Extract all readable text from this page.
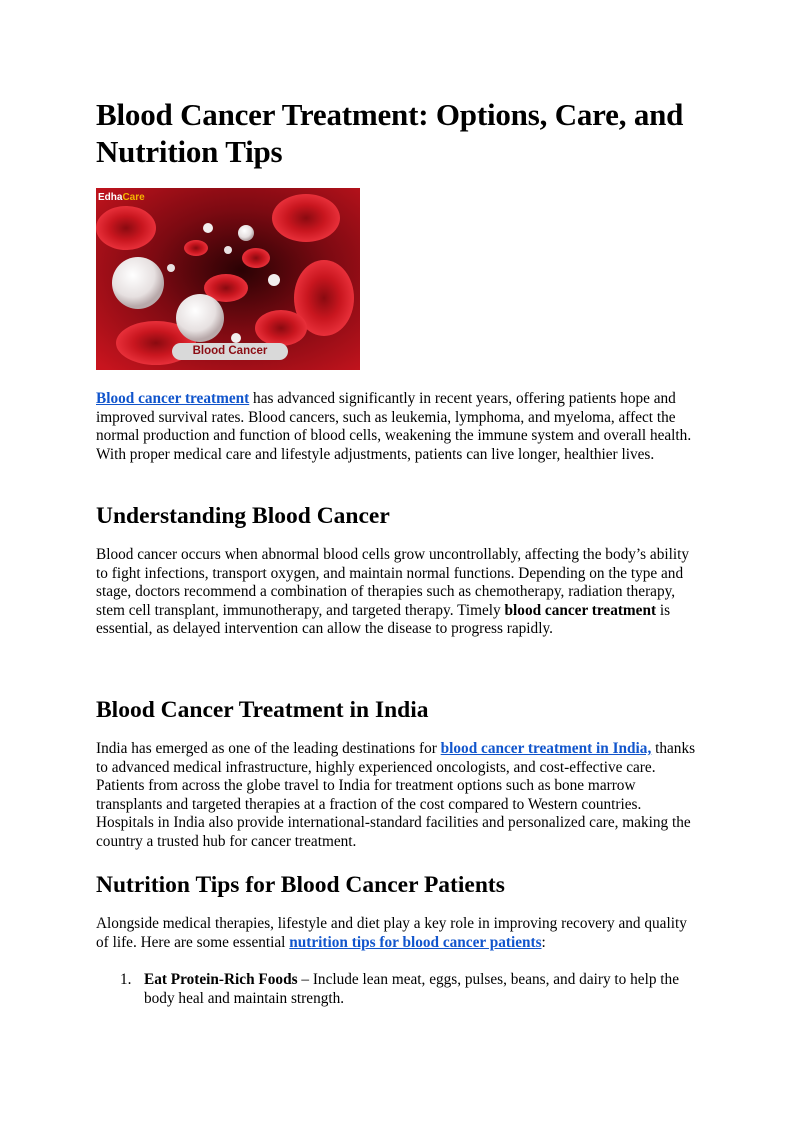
Blood Cancer Treatment: Options, Care, and Nutrition Tips
EdhaCare
Blood Cancer

Blood cancer treatment has advanced significantly in recent years, offering patients hope and improved survival rates. Blood cancers, such as leukemia, lymphoma, and myeloma, affect the normal production and function of blood cells, weakening the immune system and overall health. With proper medical care and lifestyle adjustments, patients can live longer, healthier lives.

Understanding Blood Cancer

Blood cancer occurs when abnormal blood cells grow uncontrollably, affecting the body’s ability to fight infections, transport oxygen, and maintain normal functions. Depending on the type and stage, doctors recommend a combination of therapies such as chemotherapy, radiation therapy, stem cell transplant, immunotherapy, and targeted therapy. Timely blood cancer treatment is essential, as delayed intervention can allow the disease to progress rapidly.

Blood Cancer Treatment in India

India has emerged as one of the leading destinations for blood cancer treatment in India, thanks to advanced medical infrastructure, highly experienced oncologists, and cost-effective care. Patients from across the globe travel to India for treatment options such as bone marrow transplants and targeted therapies at a fraction of the cost compared to Western countries. Hospitals in India also provide international-standard facilities and personalized care, making the country a trusted hub for cancer treatment.

Nutrition Tips for Blood Cancer Patients

Alongside medical therapies, lifestyle and diet play a key role in improving recovery and quality of life. Here are some essential nutrition tips for blood cancer patients:

1. Eat Protein-Rich Foods – Include lean meat, eggs, pulses, beans, and dairy to help the body heal and maintain strength.
